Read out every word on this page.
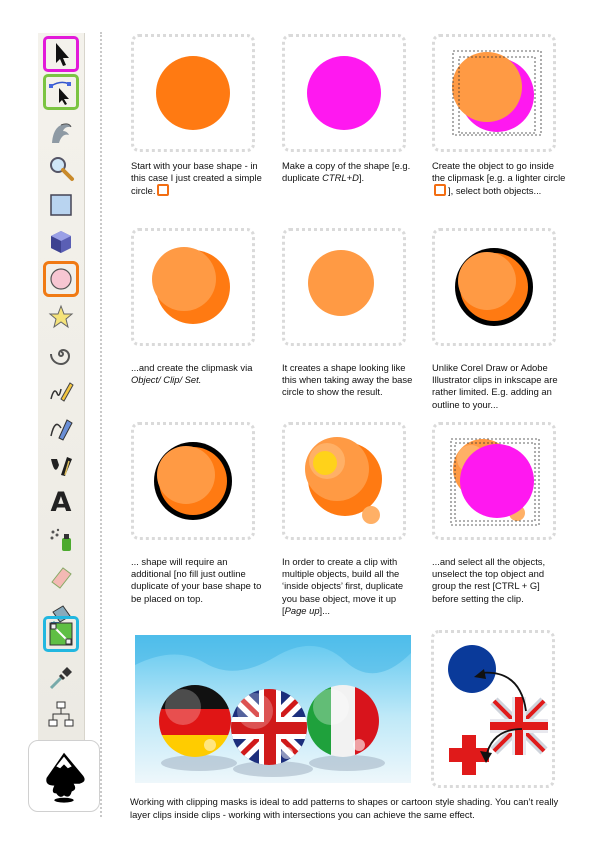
A

Start with your base shape - in this case I just created a simple circle.

Make a copy of the shape [e.g. duplicate CTRL+D].

Create the object to go inside the clipmask [e.g. a lighter circle], select both objects...

...and create the clipmask via Object/ Clip/ Set.

It creates a shape looking like this when taking away the base circle to show the result.

Unlike Corel Draw or Adobe Illustrator clips in inkscape are rather limited. E.g. adding an outline to your...

... shape will require an additional [no fill just outline duplicate of your base shape to be placed on top.

In order to create a clip with multiple objects, build all the ‘inside objects’ first, duplicate you base object, move it up [Page up]...

...and select all the objects, unselect the top object and group the rest [CTRL + G] before setting the clip.

Working with clipping masks is ideal to add patterns to shapes or cartoon style shading. You can’t really layer clips inside clips - working with intersections you can achieve the same effect.
